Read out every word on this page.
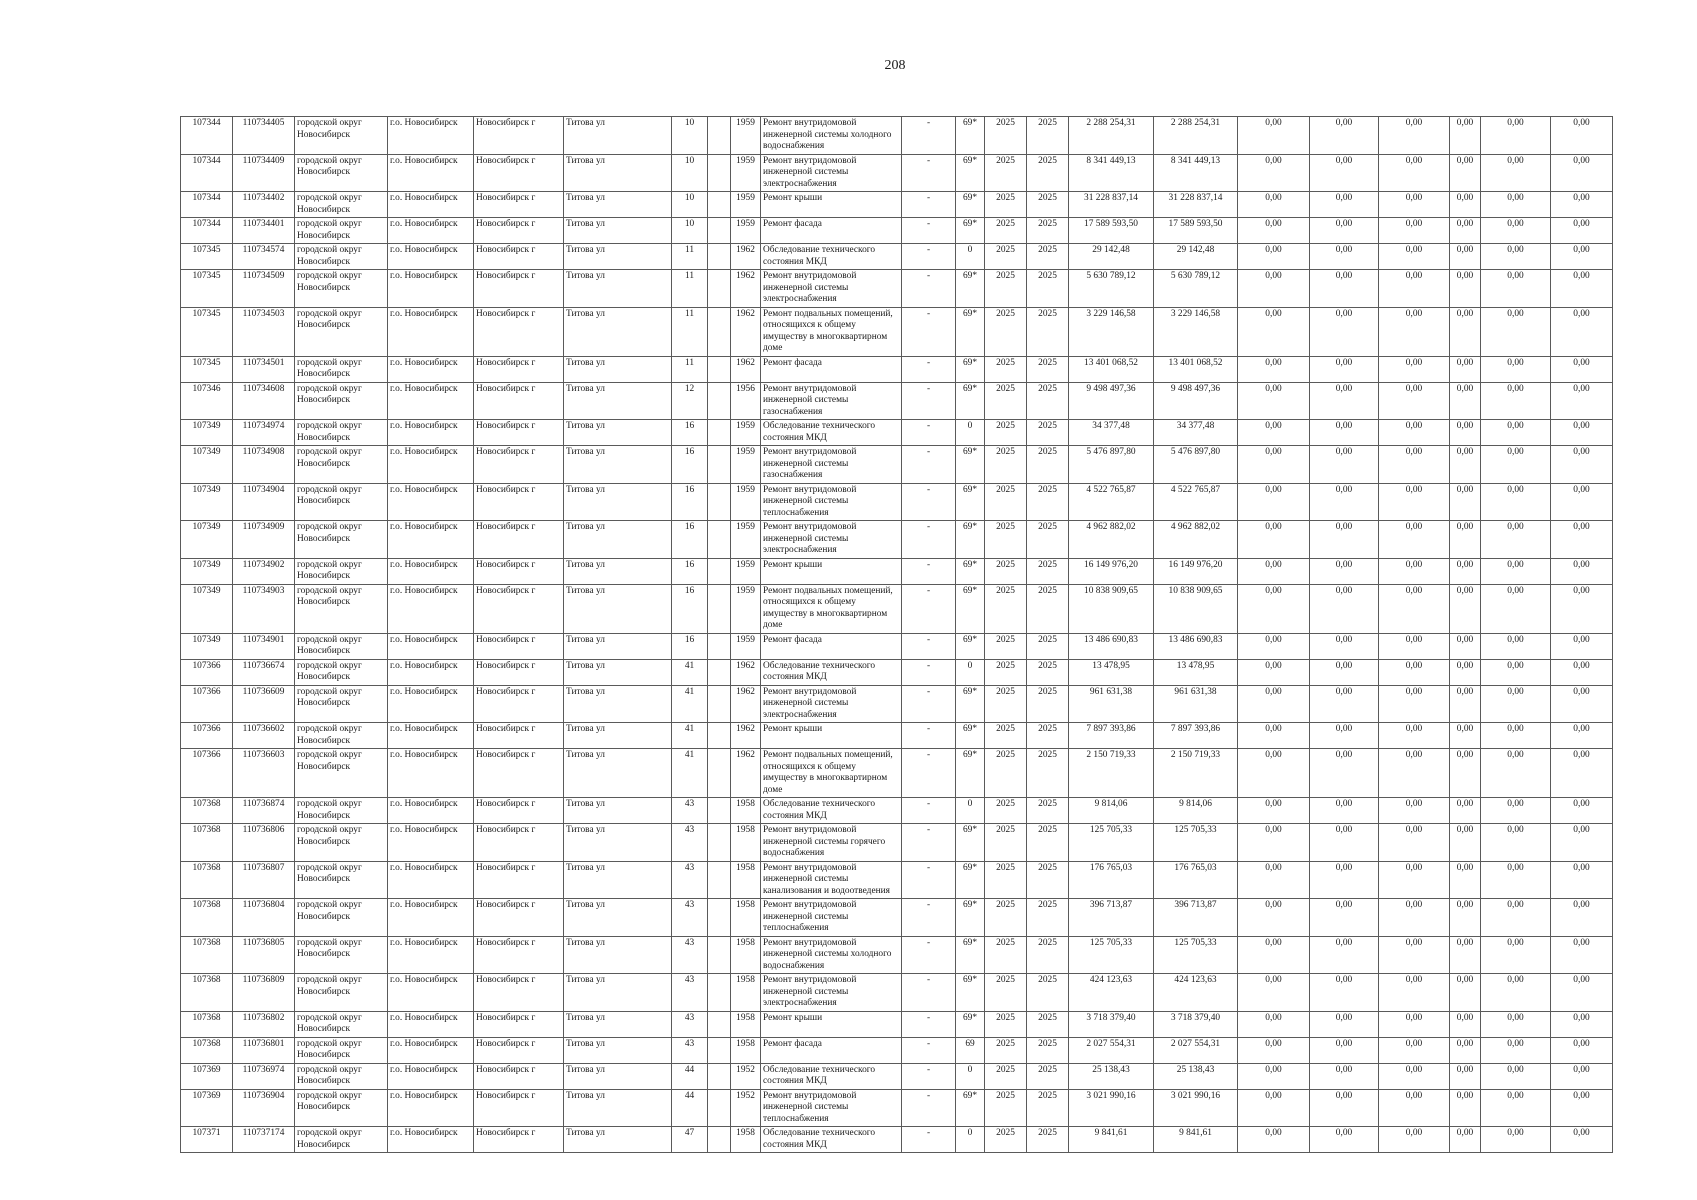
208
107344	110734405	городской округ Новосибирск	г.о. Новосибирск	Новосибирск г	Титова ул	10		1959	Ремонт внутридомовой инженерной системы холодного водоснабжения	-	69*	2025	2025	2 288 254,31	2 288 254,31	0,00	0,00	0,00	0,00	0,00	0,00
107344	110734409	городской округ Новосибирск	г.о. Новосибирск	Новосибирск г	Титова ул	10		1959	Ремонт внутридомовой инженерной системы электроснабжения	-	69*	2025	2025	8 341 449,13	8 341 449,13	0,00	0,00	0,00	0,00	0,00	0,00
107344	110734402	городской округ Новосибирск	г.о. Новосибирск	Новосибирск г	Титова ул	10		1959	Ремонт крыши	-	69*	2025	2025	31 228 837,14	31 228 837,14	0,00	0,00	0,00	0,00	0,00	0,00
107344	110734401	городской округ Новосибирск	г.о. Новосибирск	Новосибирск г	Титова ул	10		1959	Ремонт фасада	-	69*	2025	2025	17 589 593,50	17 589 593,50	0,00	0,00	0,00	0,00	0,00	0,00
107345	110734574	городской округ Новосибирск	г.о. Новосибирск	Новосибирск г	Титова ул	11		1962	Обследование технического состояния МКД	-	0	2025	2025	29 142,48	29 142,48	0,00	0,00	0,00	0,00	0,00	0,00
107345	110734509	городской округ Новосибирск	г.о. Новосибирск	Новосибирск г	Титова ул	11		1962	Ремонт внутридомовой инженерной системы электроснабжения	-	69*	2025	2025	5 630 789,12	5 630 789,12	0,00	0,00	0,00	0,00	0,00	0,00
107345	110734503	городской округ Новосибирск	г.о. Новосибирск	Новосибирск г	Титова ул	11		1962	Ремонт подвальных помещений, относящихся к общему имуществу в многоквартирном доме	-	69*	2025	2025	3 229 146,58	3 229 146,58	0,00	0,00	0,00	0,00	0,00	0,00
107345	110734501	городской округ Новосибирск	г.о. Новосибирск	Новосибирск г	Титова ул	11		1962	Ремонт фасада	-	69*	2025	2025	13 401 068,52	13 401 068,52	0,00	0,00	0,00	0,00	0,00	0,00
107346	110734608	городской округ Новосибирск	г.о. Новосибирск	Новосибирск г	Титова ул	12		1956	Ремонт внутридомовой инженерной системы газоснабжения	-	69*	2025	2025	9 498 497,36	9 498 497,36	0,00	0,00	0,00	0,00	0,00	0,00
107349	110734974	городской округ Новосибирск	г.о. Новосибирск	Новосибирск г	Титова ул	16		1959	Обследование технического состояния МКД	-	0	2025	2025	34 377,48	34 377,48	0,00	0,00	0,00	0,00	0,00	0,00
107349	110734908	городской округ Новосибирск	г.о. Новосибирск	Новосибирск г	Титова ул	16		1959	Ремонт внутридомовой инженерной системы газоснабжения	-	69*	2025	2025	5 476 897,80	5 476 897,80	0,00	0,00	0,00	0,00	0,00	0,00
107349	110734904	городской округ Новосибирск	г.о. Новосибирск	Новосибирск г	Титова ул	16		1959	Ремонт внутридомовой инженерной системы теплоснабжения	-	69*	2025	2025	4 522 765,87	4 522 765,87	0,00	0,00	0,00	0,00	0,00	0,00
107349	110734909	городской округ Новосибирск	г.о. Новосибирск	Новосибирск г	Титова ул	16		1959	Ремонт внутридомовой инженерной системы электроснабжения	-	69*	2025	2025	4 962 882,02	4 962 882,02	0,00	0,00	0,00	0,00	0,00	0,00
107349	110734902	городской округ Новосибирск	г.о. Новосибирск	Новосибирск г	Титова ул	16		1959	Ремонт крыши	-	69*	2025	2025	16 149 976,20	16 149 976,20	0,00	0,00	0,00	0,00	0,00	0,00
107349	110734903	городской округ Новосибирск	г.о. Новосибирск	Новосибирск г	Титова ул	16		1959	Ремонт подвальных помещений, относящихся к общему имуществу в многоквартирном доме	-	69*	2025	2025	10 838 909,65	10 838 909,65	0,00	0,00	0,00	0,00	0,00	0,00
107349	110734901	городской округ Новосибирск	г.о. Новосибирск	Новосибирск г	Титова ул	16		1959	Ремонт фасада	-	69*	2025	2025	13 486 690,83	13 486 690,83	0,00	0,00	0,00	0,00	0,00	0,00
107366	110736674	городской округ Новосибирск	г.о. Новосибирск	Новосибирск г	Титова ул	41		1962	Обследование технического состояния МКД	-	0	2025	2025	13 478,95	13 478,95	0,00	0,00	0,00	0,00	0,00	0,00
107366	110736609	городской округ Новосибирск	г.о. Новосибирск	Новосибирск г	Титова ул	41		1962	Ремонт внутридомовой инженерной системы электроснабжения	-	69*	2025	2025	961 631,38	961 631,38	0,00	0,00	0,00	0,00	0,00	0,00
107366	110736602	городской округ Новосибирск	г.о. Новосибирск	Новосибирск г	Титова ул	41		1962	Ремонт крыши	-	69*	2025	2025	7 897 393,86	7 897 393,86	0,00	0,00	0,00	0,00	0,00	0,00
107366	110736603	городской округ Новосибирск	г.о. Новосибирск	Новосибирск г	Титова ул	41		1962	Ремонт подвальных помещений, относящихся к общему имуществу в многоквартирном доме	-	69*	2025	2025	2 150 719,33	2 150 719,33	0,00	0,00	0,00	0,00	0,00	0,00
107368	110736874	городской округ Новосибирск	г.о. Новосибирск	Новосибирск г	Титова ул	43		1958	Обследование технического состояния МКД	-	0	2025	2025	9 814,06	9 814,06	0,00	0,00	0,00	0,00	0,00	0,00
107368	110736806	городской округ Новосибирск	г.о. Новосибирск	Новосибирск г	Титова ул	43		1958	Ремонт внутридомовой инженерной системы горячего водоснабжения	-	69*	2025	2025	125 705,33	125 705,33	0,00	0,00	0,00	0,00	0,00	0,00
107368	110736807	городской округ Новосибирск	г.о. Новосибирск	Новосибирск г	Титова ул	43		1958	Ремонт внутридомовой инженерной системы канализования и водоотведения	-	69*	2025	2025	176 765,03	176 765,03	0,00	0,00	0,00	0,00	0,00	0,00
107368	110736804	городской округ Новосибирск	г.о. Новосибирск	Новосибирск г	Титова ул	43		1958	Ремонт внутридомовой инженерной системы теплоснабжения	-	69*	2025	2025	396 713,87	396 713,87	0,00	0,00	0,00	0,00	0,00	0,00
107368	110736805	городской округ Новосибирск	г.о. Новосибирск	Новосибирск г	Титова ул	43		1958	Ремонт внутридомовой инженерной системы холодного водоснабжения	-	69*	2025	2025	125 705,33	125 705,33	0,00	0,00	0,00	0,00	0,00	0,00
107368	110736809	городской округ Новосибирск	г.о. Новосибирск	Новосибирск г	Титова ул	43		1958	Ремонт внутридомовой инженерной системы электроснабжения	-	69*	2025	2025	424 123,63	424 123,63	0,00	0,00	0,00	0,00	0,00	0,00
107368	110736802	городской округ Новосибирск	г.о. Новосибирск	Новосибирск г	Титова ул	43		1958	Ремонт крыши	-	69*	2025	2025	3 718 379,40	3 718 379,40	0,00	0,00	0,00	0,00	0,00	0,00
107368	110736801	городской округ Новосибирск	г.о. Новосибирск	Новосибирск г	Титова ул	43		1958	Ремонт фасада	-	69	2025	2025	2 027 554,31	2 027 554,31	0,00	0,00	0,00	0,00	0,00	0,00
107369	110736974	городской округ Новосибирск	г.о. Новосибирск	Новосибирск г	Титова ул	44		1952	Обследование технического состояния МКД	-	0	2025	2025	25 138,43	25 138,43	0,00	0,00	0,00	0,00	0,00	0,00
107369	110736904	городской округ Новосибирск	г.о. Новосибирск	Новосибирск г	Титова ул	44		1952	Ремонт внутридомовой инженерной системы теплоснабжения	-	69*	2025	2025	3 021 990,16	3 021 990,16	0,00	0,00	0,00	0,00	0,00	0,00
107371	110737174	городской округ Новосибирск	г.о. Новосибирск	Новосибирск г	Титова ул	47		1958	Обследование технического состояния МКД	-	0	2025	2025	9 841,61	9 841,61	0,00	0,00	0,00	0,00	0,00	0,00
